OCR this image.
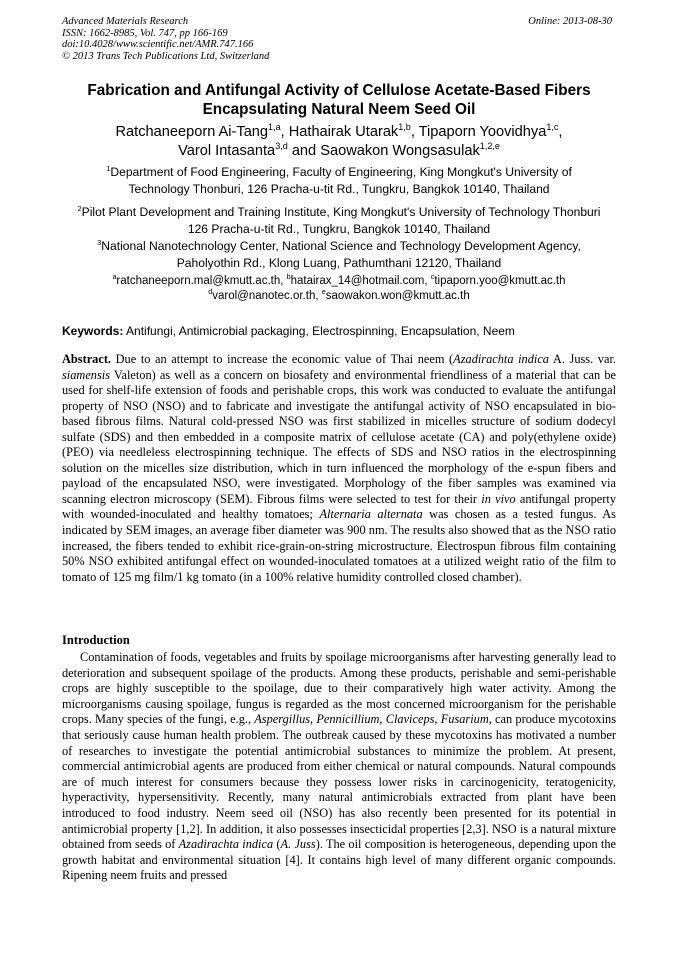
Advanced Materials Research
ISSN: 1662-8985, Vol. 747, pp 166-169
doi:10.4028/www.scientific.net/AMR.747.166
© 2013 Trans Tech Publications Ltd, Switzerland
Online: 2013-08-30
Fabrication and Antifungal Activity of Cellulose Acetate-Based Fibers
Encapsulating Natural Neem Seed Oil
Ratchaneeporn Ai-Tang$^{1,a}$, Hathairak Utarak$^{1,b}$, Tipaporn Yoovidhya$^{1,c}$,
Varol Intasanta$^{3,d}$ and Saowakon Wongsasulak$^{1,2,e}$
$^1$Department of Food Engineering, Faculty of Engineering, King Mongkut's University of
Technology Thonburi, 126 Pracha-u-tit Rd., Tungkru, Bangkok 10140, Thailand
$^2$Pilot Plant Development and Training Institute, King Mongkut's University of Technology Thonburi
126 Pracha-u-tit Rd., Tungkru, Bangkok 10140, Thailand
$^3$National Nanotechnology Center, National Science and Technology Development Agency,
Paholyothin Rd., Klong Luang, Pathumthani 12120, Thailand
$^a$ratchaneeporn.mal@kmutt.ac.th, $^b$hatairax_14@hotmail.com, $^c$tipaporn.yoo@kmutt.ac.th
$^d$varol@nanotec.or.th, $^e$saowakon.won@kmutt.ac.th
Keywords: Antifungi, Antimicrobial packaging, Electrospinning, Encapsulation, Neem
Abstract. Due to an attempt to increase the economic value of Thai neem (Azadirachta indica A. Juss. var. siamensis Valeton) as well as a concern on biosafety and environmental friendliness of a material that can be used for shelf-life extension of foods and perishable crops, this work was conducted to evaluate the antifungal property of NSO (NSO) and to fabricate and investigate the antifungal activity of NSO encapsulated in bio-based fibrous films. Natural cold-pressed NSO was first stabilized in micelles structure of sodium dodecyl sulfate (SDS) and then embedded in a composite matrix of cellulose acetate (CA) and poly(ethylene oxide) (PEO) via needleless electrospinning technique. The effects of SDS and NSO ratios in the electrospinning solution on the micelles size distribution, which in turn influenced the morphology of the e-spun fibers and payload of the encapsulated NSO, were investigated. Morphology of the fiber samples was examined via scanning electron microscopy (SEM). Fibrous films were selected to test for their in vivo antifungal property with wounded-inoculated and healthy tomatoes; Alternaria alternata was chosen as a tested fungus. As indicated by SEM images, an average fiber diameter was 900 nm. The results also showed that as the NSO ratio increased, the fibers tended to exhibit rice-grain-on-string microstructure. Electrospun fibrous film containing 50% NSO exhibited antifungal effect on wounded-inoculated tomatoes at a utilized weight ratio of the film to tomato of 125 mg film/1 kg tomato (in a 100% relative humidity controlled closed chamber).
Introduction
Contamination of foods, vegetables and fruits by spoilage microorganisms after harvesting generally lead to deterioration and subsequent spoilage of the products. Among these products, perishable and semi-perishable crops are highly susceptible to the spoilage, due to their comparatively high water activity. Among the microorganisms causing spoilage, fungus is regarded as the most concerned microorganism for the perishable crops. Many species of the fungi, e.g., Aspergillus, Pennicillium, Claviceps, Fusarium, can produce mycotoxins that seriously cause human health problem. The outbreak caused by these mycotoxins has motivated a number of researches to investigate the potential antimicrobial substances to minimize the problem. At present, commercial antimicrobial agents are produced from either chemical or natural compounds. Natural compounds are of much interest for consumers because they possess lower risks in carcinogenicity, teratogenicity, hyperactivity, hypersensitivity. Recently, many natural antimicrobials extracted from plant have been introduced to food industry. Neem seed oil (NSO) has also recently been presented for its potential in antimicrobial property [1,2]. In addition, it also possesses insecticidal properties [2,3]. NSO is a natural mixture obtained from seeds of Azadirachta indica (A. Juss). The oil composition is heterogeneous, depending upon the growth habitat and environmental situation [4]. It contains high level of many different organic compounds. Ripening neem fruits and pressed
